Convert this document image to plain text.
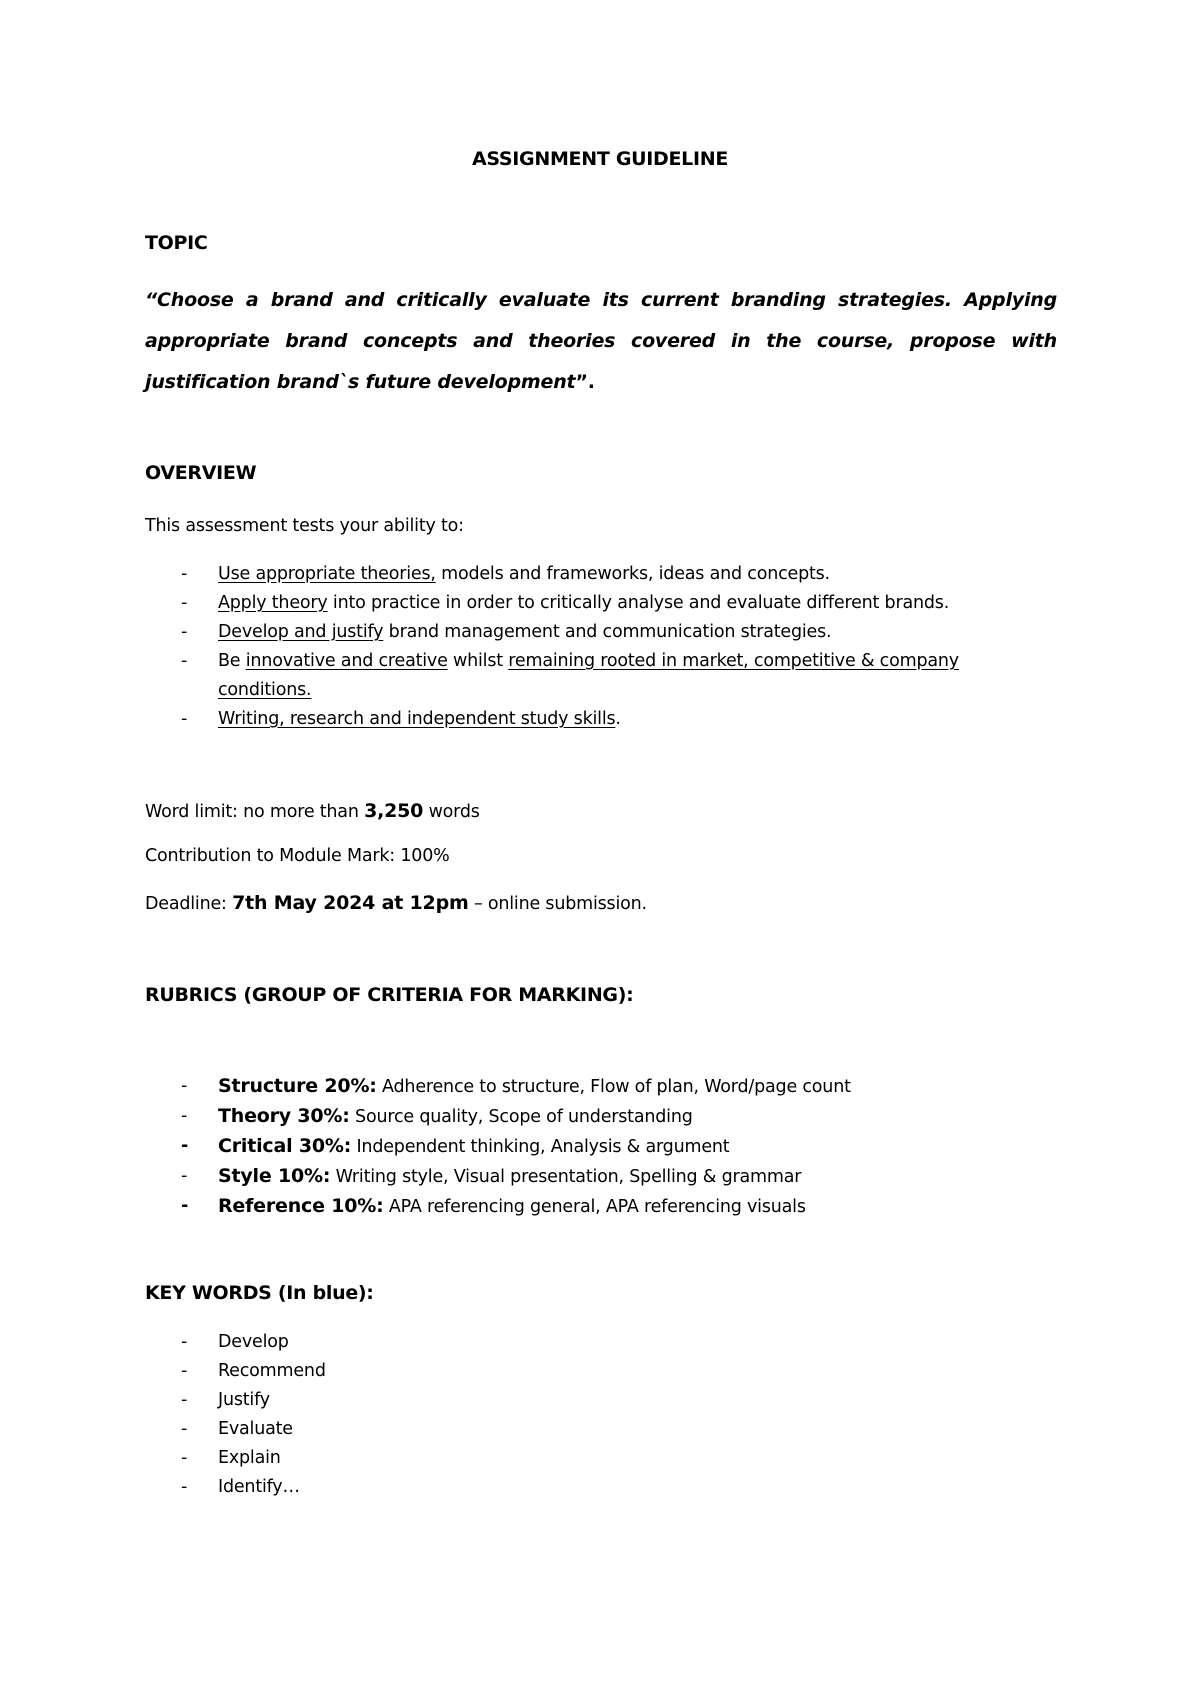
ASSIGNMENT GUIDELINE
TOPIC
“Choose a brand and critically evaluate its current branding strategies. Applying appropriate brand concepts and theories covered in the course, propose with justification brand`s future development”.
OVERVIEW
This assessment tests your ability to:
- Use appropriate theories, models and frameworks, ideas and concepts.
- Apply theory into practice in order to critically analyse and evaluate different brands.
- Develop and justify brand management and communication strategies.
- Be innovative and creative whilst remaining rooted in market, competitive & company conditions.
- Writing, research and independent study skills.
Word limit: no more than 3,250 words
Contribution to Module Mark: 100%
Deadline: 7th May 2024 at 12pm – online submission.
RUBRICS (GROUP OF CRITERIA FOR MARKING):
- Structure 20%: Adherence to structure, Flow of plan, Word/page count
- Theory 30%: Source quality, Scope of understanding
- Critical 30%: Independent thinking, Analysis & argument
- Style 10%: Writing style, Visual presentation, Spelling & grammar
- Reference 10%: APA referencing general, APA referencing visuals
KEY WORDS (In blue):
- Develop
- Recommend
- Justify
- Evaluate
- Explain
- Identify…
